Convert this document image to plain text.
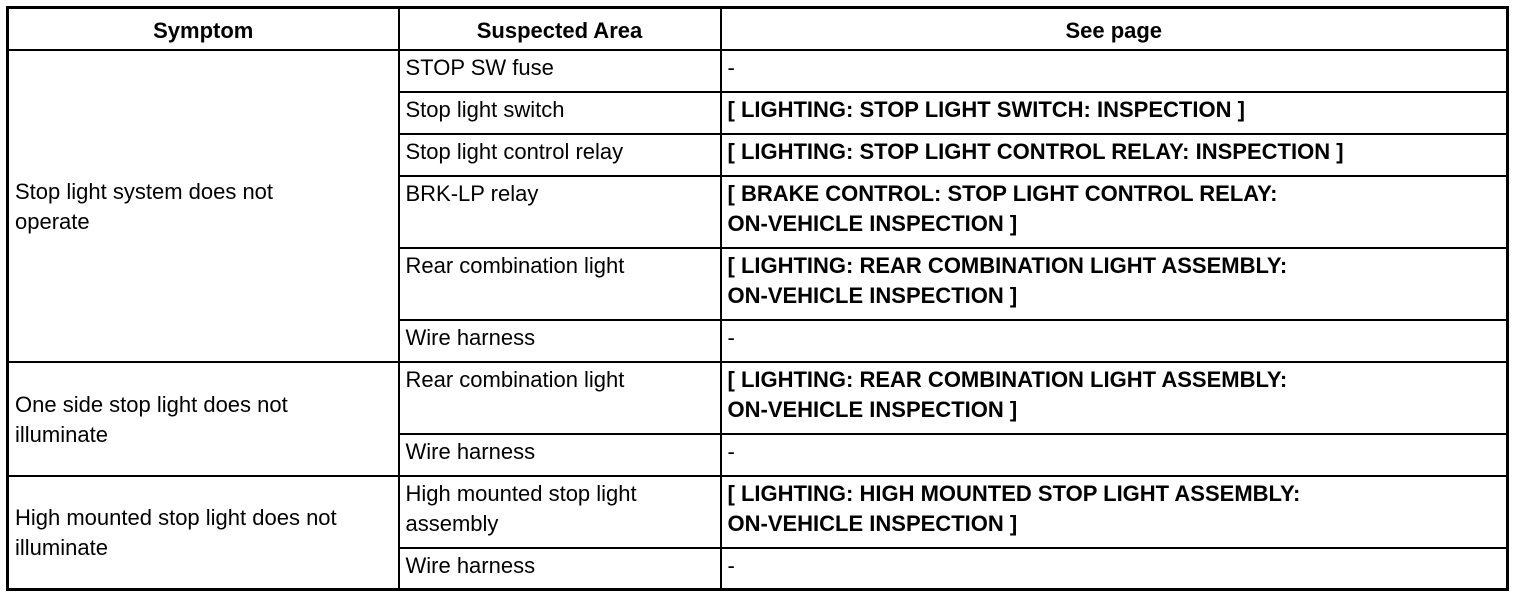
Symptom	Suspected Area	See page

Stop light system does not
operate	STOP SW fuse	-

	Stop light switch	[ LIGHTING: STOP LIGHT SWITCH: INSPECTION ]

	Stop light control relay	[ LIGHTING: STOP LIGHT CONTROL RELAY: INSPECTION ]

	BRK-LP relay	[ BRAKE CONTROL: STOP LIGHT CONTROL RELAY:
ON-VEHICLE INSPECTION ]

	Rear combination light	[ LIGHTING: REAR COMBINATION LIGHT ASSEMBLY:
ON-VEHICLE INSPECTION ]

	Wire harness	-

One side stop light does not
illuminate	Rear combination light	[ LIGHTING: REAR COMBINATION LIGHT ASSEMBLY:
ON-VEHICLE INSPECTION ]

	Wire harness	-

High mounted stop light does not
illuminate	High mounted stop light
assembly	[ LIGHTING: HIGH MOUNTED STOP LIGHT ASSEMBLY:
ON-VEHICLE INSPECTION ]

	Wire harness	-
